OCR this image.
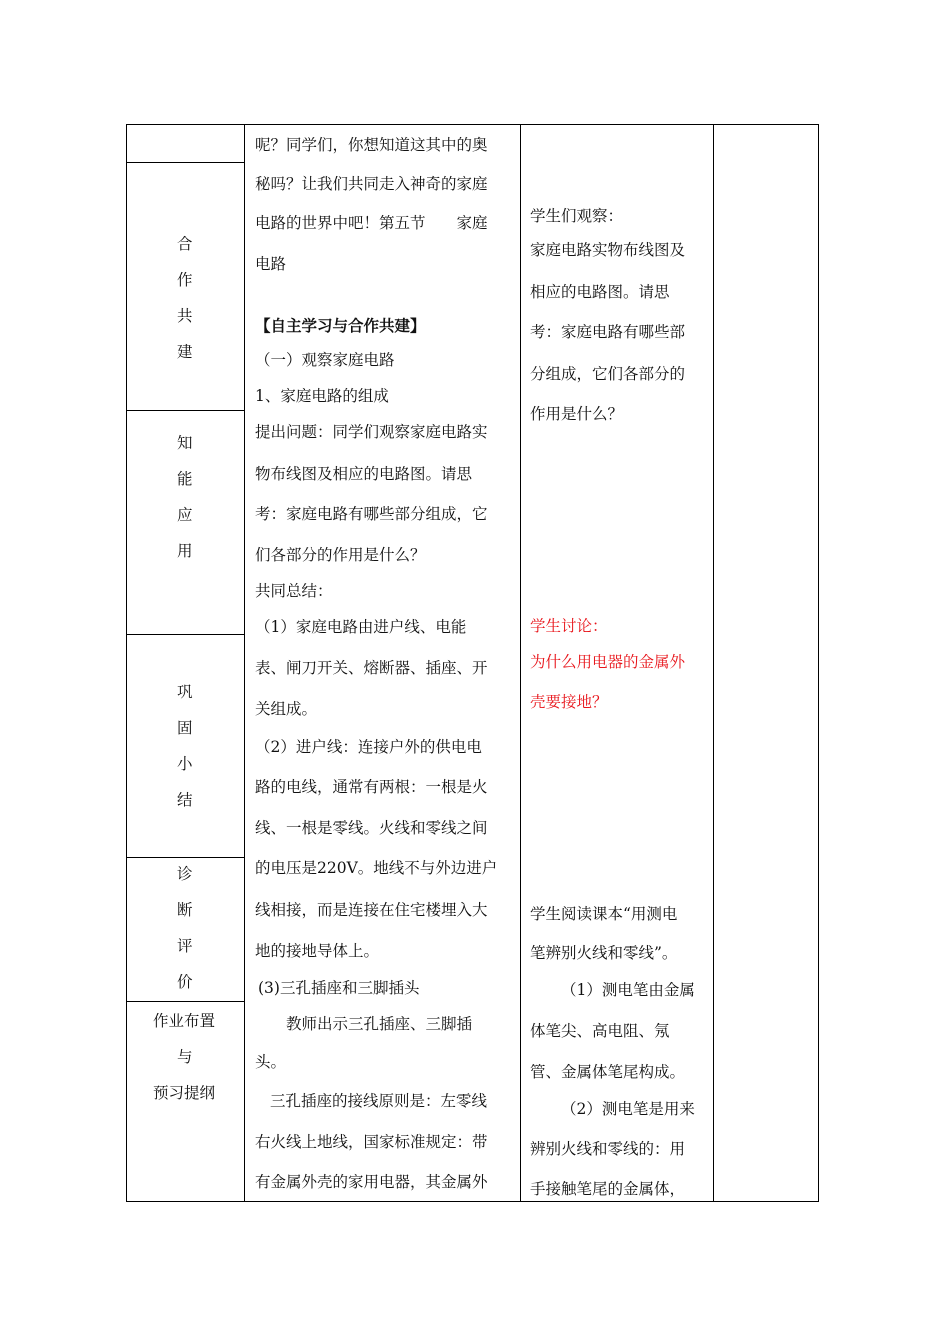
合
作
共
建
知
能
应
用
巩
固
小
结
诊
断
评
价
作业布置
与
预习提纲
呢？同学们，你想知道这其中的奥
秘吗？让我们共同走入神奇的家庭
电路的世界中吧！第五节　　家庭
电路
【自主学习与合作共建】
（一）观察家庭电路
1、家庭电路的组成
提出问题：同学们观察家庭电路实
物布线图及相应的电路图。请思
考：家庭电路有哪些部分组成，它
们各部分的作用是什么？
共同总结：
（1）家庭电路由进户线、电能
表、闸刀开关、熔断器、插座、开
关组成。
（2）进户线：连接户外的供电电
路的电线，通常有两根：一根是火
线、一根是零线。火线和零线之间
的电压是220V。地线不与外边进户
线相接，而是连接在住宅楼埋入大
地的接地导体上。
(3)三孔插座和三脚插头
教师出示三孔插座、三脚插
头。
三孔插座的接线原则是：左零线
右火线上地线，国家标准规定：带
有金属外壳的家用电器，其金属外
学生们观察：
家庭电路实物布线图及
相应的电路图。请思
考：家庭电路有哪些部
分组成，它们各部分的
作用是什么？
学生讨论：
为什么用电器的金属外
壳要接地？
学生阅读课本“用测电
笔辨别火线和零线”。
（1）测电笔由金属
体笔尖、高电阻、氖
管、金属体笔尾构成。
（2）测电笔是用来
辨别火线和零线的：用
手接触笔尾的金属体，
